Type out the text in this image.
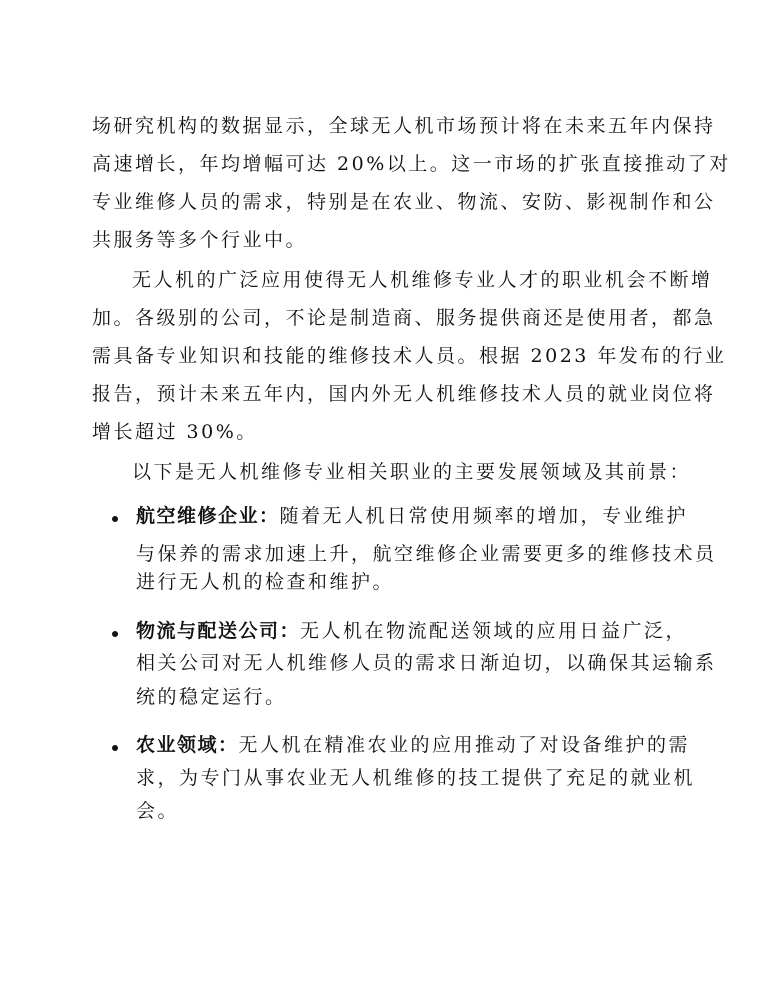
场研究机构的数据显示，全球无人机市场预计将在未来五年内保持
高速增长，年均增幅可达 20%以上。这一市场的扩张直接推动了对
专业维修人员的需求，特别是在农业、物流、安防、影视制作和公
共服务等多个行业中。
无人机的广泛应用使得无人机维修专业人才的职业机会不断增
加。各级别的公司，不论是制造商、服务提供商还是使用者，都急
需具备专业知识和技能的维修技术人员。根据 2023 年发布的行业
报告，预计未来五年内，国内外无人机维修技术人员的就业岗位将
增长超过 30%。
以下是无人机维修专业相关职业的主要发展领域及其前景：
航空维修企业：随着无人机日常使用频率的增加，专业维护
与保养的需求加速上升，航空维修企业需要更多的维修技术员
进行无人机的检查和维护。
物流与配送公司：无人机在物流配送领域的应用日益广泛，
相关公司对无人机维修人员的需求日渐迫切，以确保其运输系
统的稳定运行。
农业领域：无人机在精准农业的应用推动了对设备维护的需
求，为专门从事农业无人机维修的技工提供了充足的就业机
会。
